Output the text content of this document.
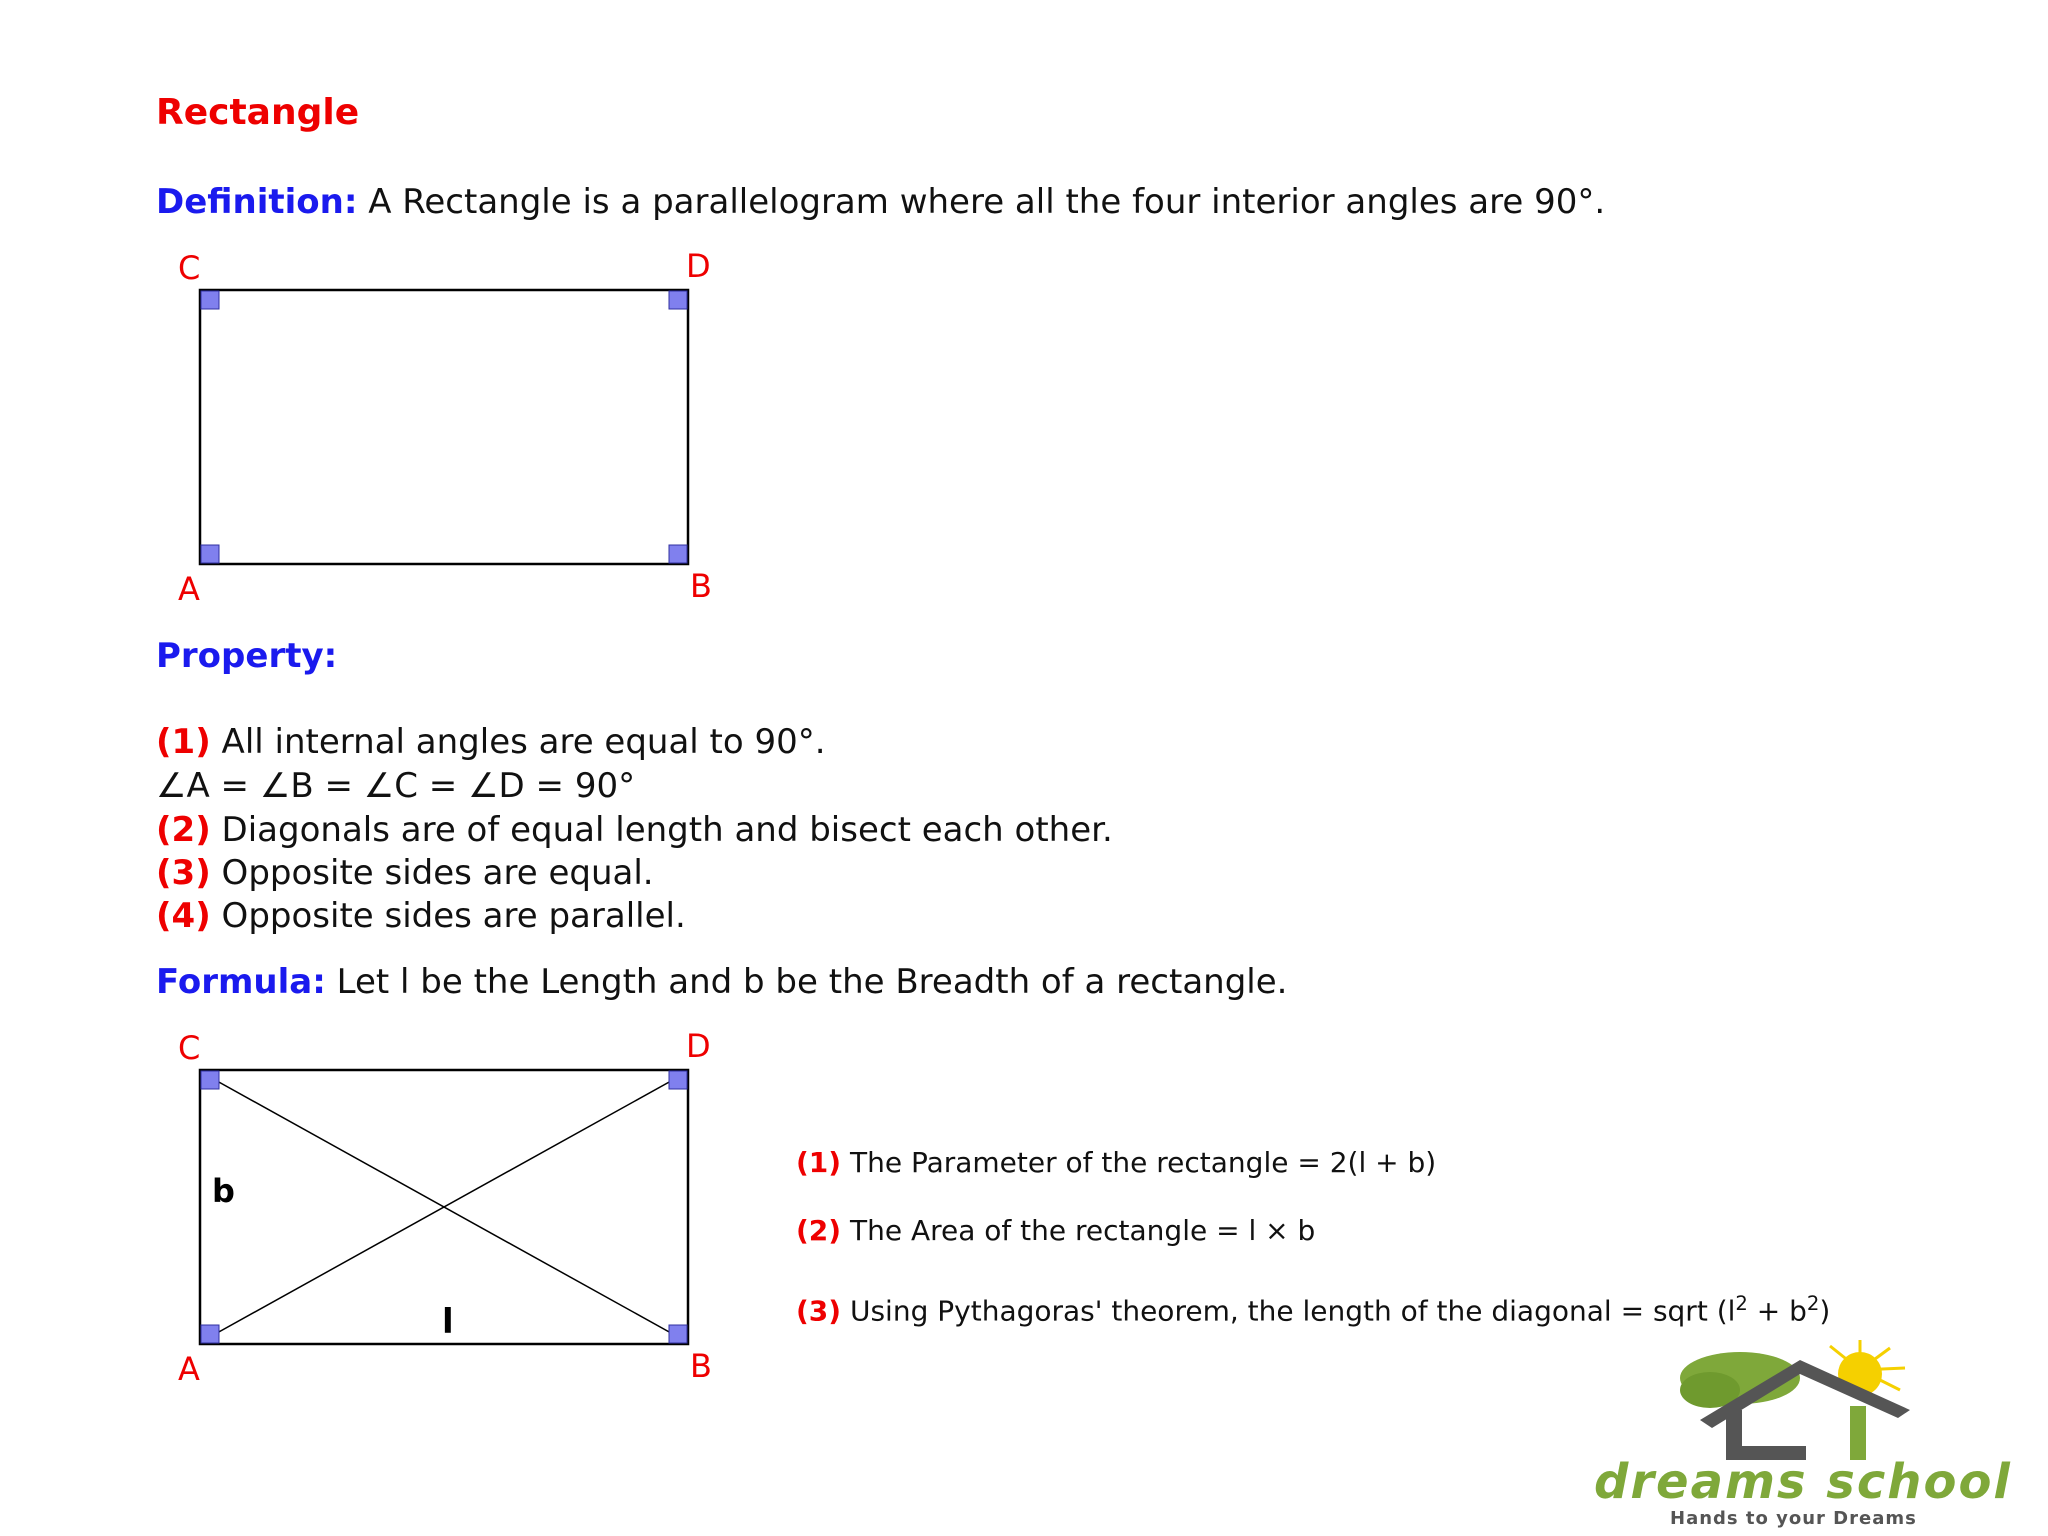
Rectangle
Definition: A Rectangle is a parallelogram where all the four interior angles are 90°.
C	D
A	B
Property:
(1) All internal angles are equal to 90°.
∠A = ∠B = ∠C = ∠D = 90°
(2) Diagonals are of equal length and bisect each other.
(3) Opposite sides are equal.
(4) Opposite sides are parallel.
Formula: Let l be the Length and b be the Breadth of a rectangle.
C	D
A	B
b
l
(1) The Parameter of the rectangle = 2(l + b)
(2) The Area of the rectangle = l × b
(3) Using Pythagoras' theorem, the length of the diagonal = sqrt $(l^2 + b^2)$
dreams school
Hands to your Dreams
